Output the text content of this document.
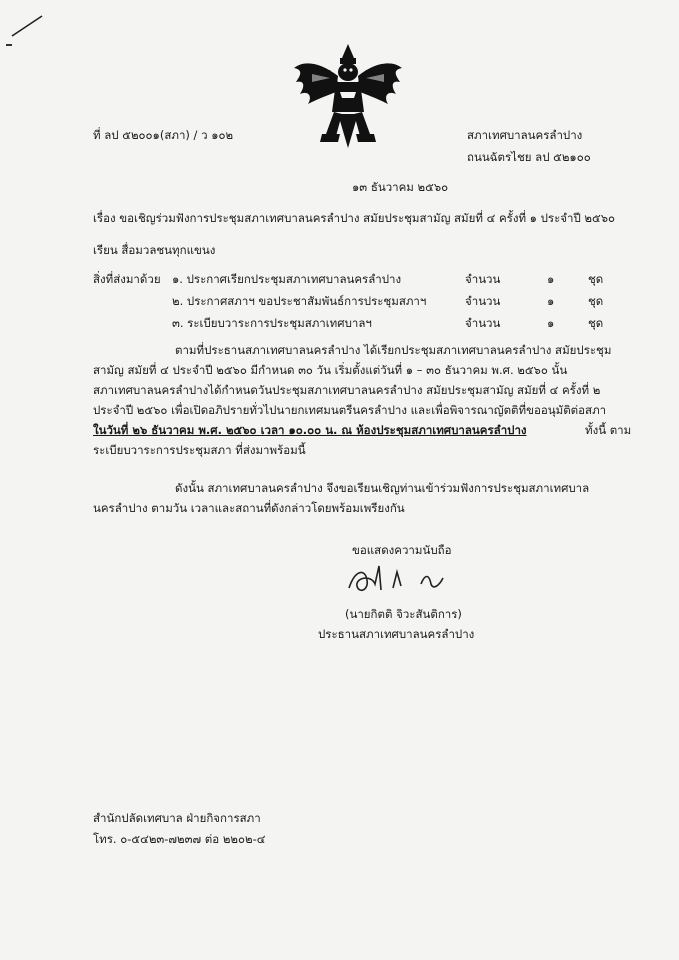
ที่ ลป ๕๒๐๐๑(สภา) / ว ๑๐๒	สภาเทศบาลนครลำปาง
ถนนฉัตรไชย ลป ๕๒๑๐๐
๑๓ ธันวาคม ๒๕๖๐
เรื่อง ขอเชิญร่วมฟังการประชุมสภาเทศบาลนครลำปาง สมัยประชุมสามัญ สมัยที่ ๔ ครั้งที่ ๑ ประจำปี ๒๕๖๐
เรียน สื่อมวลชนทุกแขนง
สิ่งที่ส่งมาด้วย ๑. ประกาศเรียกประชุมสภาเทศบาลนครลำปาง	จำนวน	๑	ชุด
๒. ประกาศสภาฯ ขอประชาสัมพันธ์การประชุมสภาฯ	จำนวน	๑	ชุด
๓. ระเบียบวาระการประชุมสภาเทศบาลฯ	จำนวน	๑	ชุด
ตามที่ประธานสภาเทศบาลนครลำปาง ได้เรียกประชุมสภาเทศบาลนครลำปาง สมัยประชุม
สามัญ สมัยที่ ๔ ประจำปี ๒๕๖๐ มีกำหนด ๓๐ วัน เริ่มตั้งแต่วันที่ ๑ – ๓๐ ธันวาคม พ.ศ. ๒๕๖๐ นั้น
สภาเทศบาลนครลำปางได้กำหนดวันประชุมสภาเทศบาลนครลำปาง สมัยประชุมสามัญ สมัยที่ ๔ ครั้งที่ ๒
ประจำปี ๒๕๖๐ เพื่อเปิดอภิปรายทั่วไปนายกเทศมนตรีนครลำปาง และเพื่อพิจารณาญัตติที่ขออนุมัติต่อสภา
ในวันที่ ๒๖ ธันวาคม พ.ศ. ๒๕๖๐ เวลา ๑๐.๐๐ น. ณ ห้องประชุมสภาเทศบาลนครลำปาง	ทั้งนี้ ตาม
ระเบียบวาระการประชุมสภา ที่ส่งมาพร้อมนี้
ดังนั้น สภาเทศบาลนครลำปาง จึงขอเรียนเชิญท่านเข้าร่วมฟังการประชุมสภาเทศบาล
นครลำปาง ตามวัน เวลาและสถานที่ดังกล่าวโดยพร้อมเพรียงกัน
ขอแสดงความนับถือ
(นายกิตติ จิวะสันติการ)
ประธานสภาเทศบาลนครลำปาง
สำนักปลัดเทศบาล ฝ่ายกิจการสภา
โทร. ๐-๕๔๒๓-๗๒๓๗ ต่อ ๒๒๐๒-๔
